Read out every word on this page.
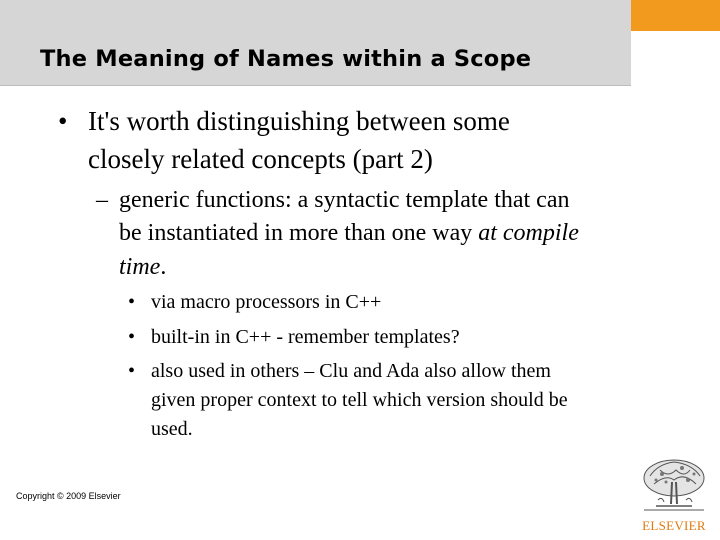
The Meaning of Names within a Scope
• It's worth distinguishing between some
closely related concepts (part 2)
– generic functions: a syntactic template that can
be instantiated in more than one way at compile
time.
• via macro processors in C++
• built-in in C++ - remember templates?
• also used in others – Clu and Ada also allow them
given proper context to tell which version should be
used.
Copyright © 2009 Elsevier
ELSEVIER
